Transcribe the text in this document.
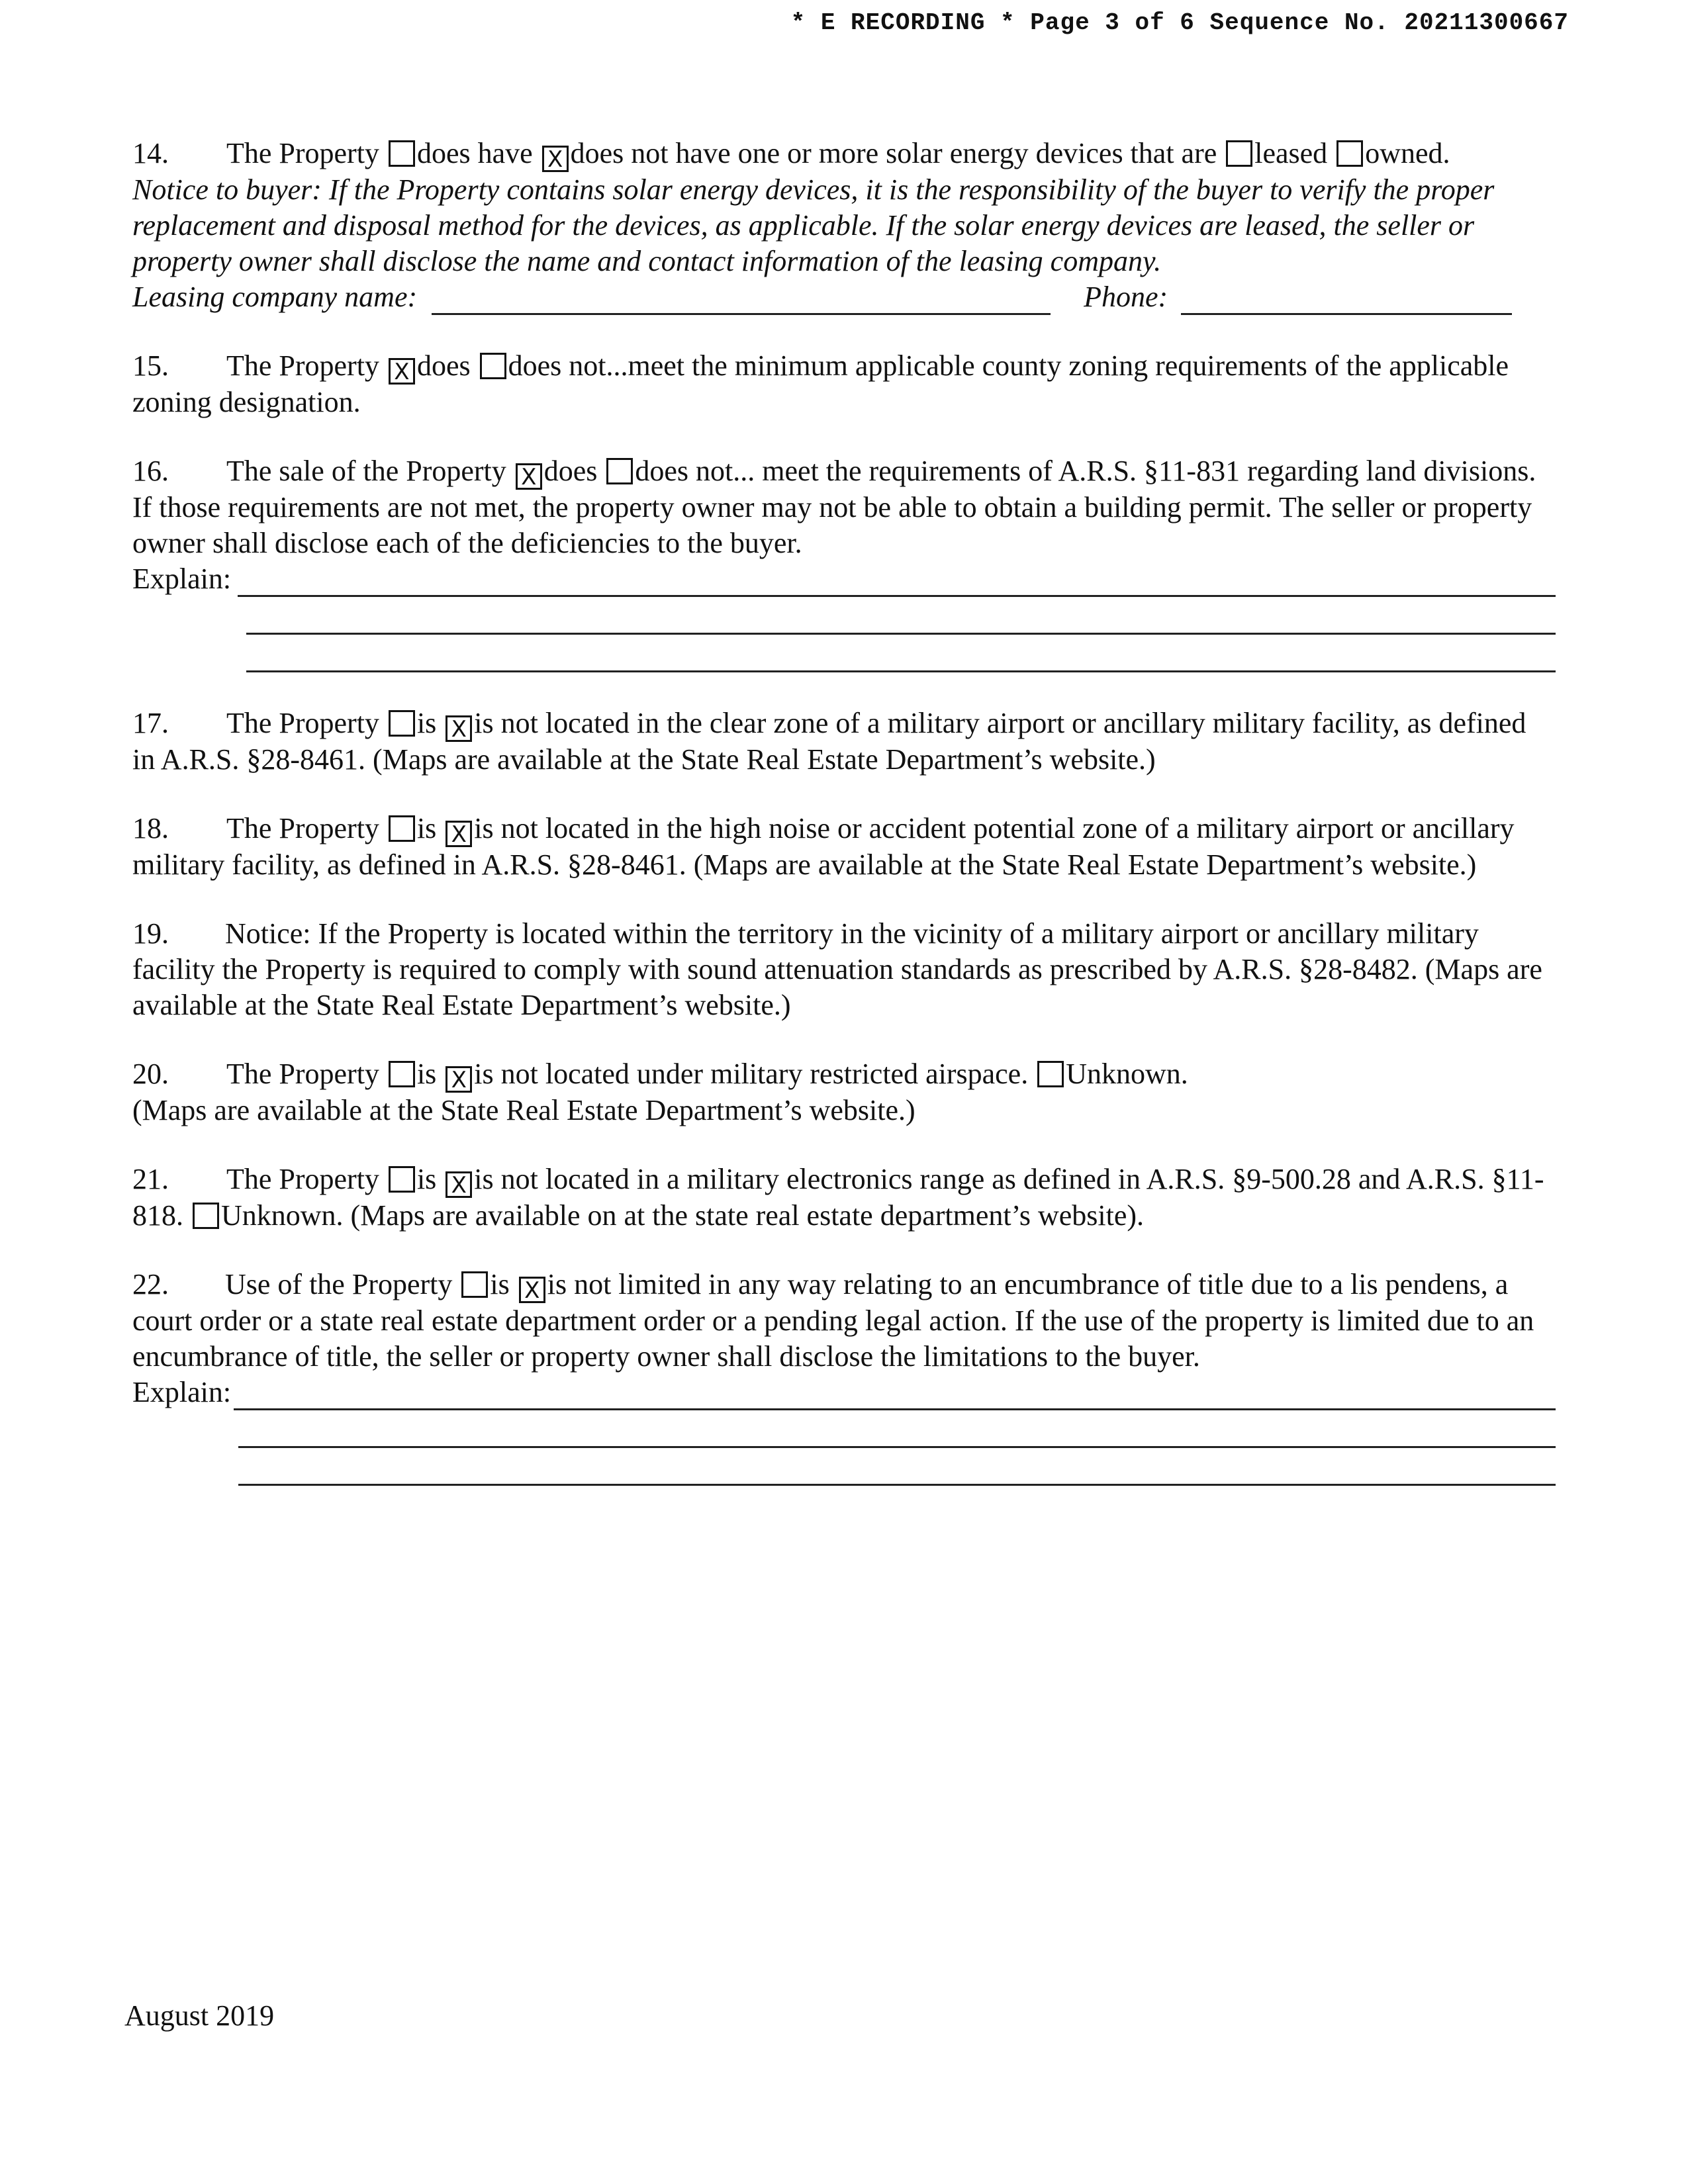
* E RECORDING * Page 3 of 6 Sequence No. 20211300667
14. The Property does have X does not have one or more solar energy devices that are leased owned.
Notice to buyer: If the Property contains solar energy devices, it is the responsibility of the buyer to verify the proper replacement and disposal method for the devices, as applicable. If the solar energy devices are leased, the seller or property owner shall disclose the name and contact information of the leasing company.
Leasing company name:	Phone:
15. The Property X does does not...meet the minimum applicable county zoning requirements of the applicable zoning designation.
16. The sale of the Property X does does not... meet the requirements of A.R.S. §11-831 regarding land divisions. If those requirements are not met, the property owner may not be able to obtain a building permit. The seller or property owner shall disclose each of the deficiencies to the buyer.
Explain:
17. The Property is X is not located in the clear zone of a military airport or ancillary military facility, as defined in A.R.S. §28-8461. (Maps are available at the State Real Estate Department’s website.)
18. The Property is X is not located in the high noise or accident potential zone of a military airport or ancillary military facility, as defined in A.R.S. §28-8461. (Maps are available at the State Real Estate Department’s website.)
19. Notice: If the Property is located within the territory in the vicinity of a military airport or ancillary military facility the Property is required to comply with sound attenuation standards as prescribed by A.R.S. §28-8482. (Maps are available at the State Real Estate Department’s website.)
20. The Property is X is not located under military restricted airspace. Unknown.
(Maps are available at the State Real Estate Department’s website.)
21. The Property is X is not located in a military electronics range as defined in A.R.S. §9-500.28 and A.R.S. §11-818. Unknown. (Maps are available on at the state real estate department’s website).
22. Use of the Property is X is not limited in any way relating to an encumbrance of title due to a lis pendens, a court order or a state real estate department order or a pending legal action. If the use of the property is limited due to an encumbrance of title, the seller or property owner shall disclose the limitations to the buyer.
Explain:
August 2019
